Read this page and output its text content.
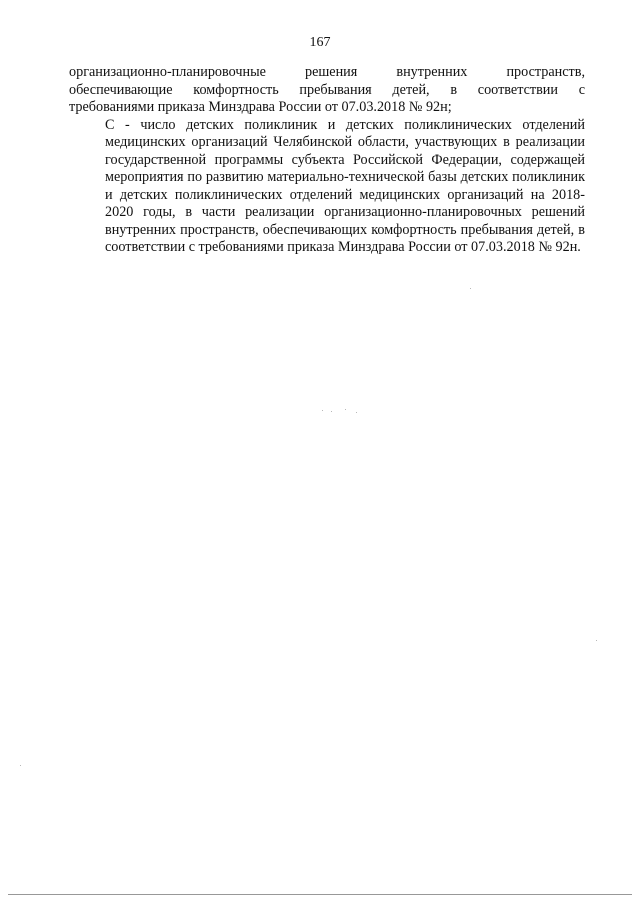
167

организационно-планировочные решения внутренних пространств,
обеспечивающие комфортность пребывания детей, в соответствии с
требованиями приказа Минздрава России от 07.03.2018 № 92н;

С - число детских поликлиник и детских поликлинических отделений
медицинских организаций Челябинской области, участвующих в реализации
государственной программы субъекта Российской Федерации, содержащей
мероприятия по развитию материально-технической базы детских поликлиник
и детских поликлинических отделений медицинских организаций на 2018-
2020 годы, в части реализации организационно-планировочных решений
внутренних пространств, обеспечивающих комфортность пребывания детей, в
соответствии с требованиями приказа Минздрава России от 07.03.2018 № 92н.
